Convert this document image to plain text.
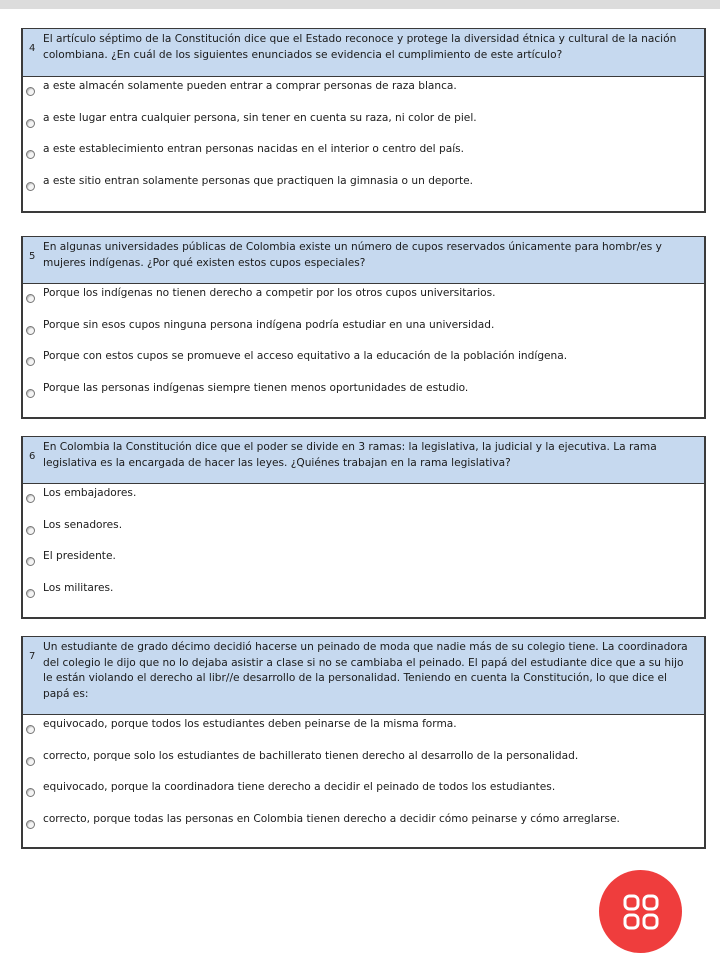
4
El artículo séptimo de la Constitución dice que el Estado reconoce y protege la diversidad étnica y cultural de la nación colombiana. ¿En cuál de los siguientes enunciados se evidencia el cumplimiento de este artículo?
a este almacén solamente pueden entrar a comprar personas de raza blanca.
a este lugar entra cualquier persona, sin tener en cuenta su raza, ni color de piel.
a este establecimiento entran personas nacidas en el interior o centro del país.
a este sitio entran solamente personas que practiquen la gimnasia o un deporte.
5
En algunas universidades públicas de Colombia existe un número de cupos reservados únicamente para hombr/es y mujeres indígenas. ¿Por qué existen estos cupos especiales?
Porque los indígenas no tienen derecho a competir por los otros cupos universitarios.
Porque sin esos cupos ninguna persona indígena podría estudiar en una universidad.
Porque con estos cupos se promueve el acceso equitativo a la educación de la población indígena.
Porque las personas indígenas siempre tienen menos oportunidades de estudio.
6
En Colombia la Constitución dice que el poder se divide en 3 ramas: la legislativa, la judicial y la ejecutiva. La rama legislativa es la encargada de hacer las leyes. ¿Quiénes trabajan en la rama legislativa?
Los embajadores.
Los senadores.
El presidente.
Los militares.
7
Un estudiante de grado décimo decidió hacerse un peinado de moda que nadie más de su colegio tiene. La coordinadora del colegio le dijo que no lo dejaba asistir a clase si no se cambiaba el peinado. El papá del estudiante dice que a su hijo le están violando el derecho al libr//e desarrollo de la personalidad. Teniendo en cuenta la Constitución, lo que dice el papá es:
equivocado, porque todos los estudiantes deben peinarse de la misma forma.
correcto, porque solo los estudiantes de bachillerato tienen derecho al desarrollo de la personalidad.
equivocado, porque la coordinadora tiene derecho a decidir el peinado de todos los estudiantes.
correcto, porque todas las personas en Colombia tienen derecho a decidir cómo peinarse y cómo arreglarse.
